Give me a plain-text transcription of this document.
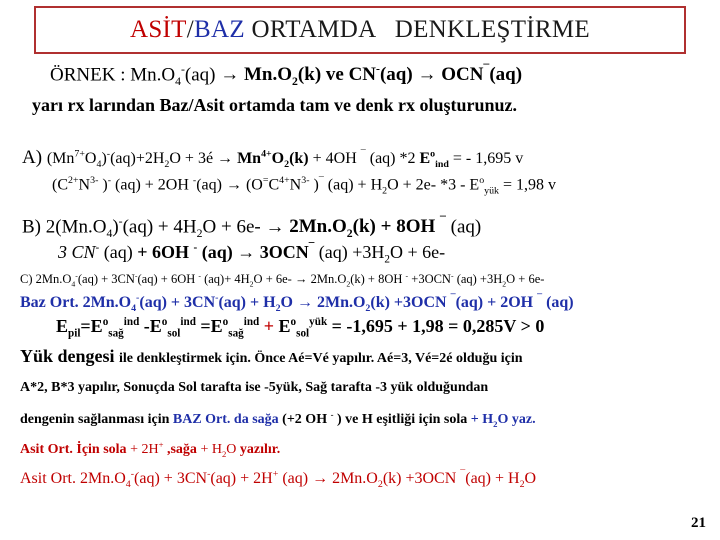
ASİT / BAZ ORTAMDA   DENKLEŞTİRME
ÖRNEK : $Mn.O_4^-(aq) \to Mn.O_2(k)$ ve CN-(aq) → OCN¯(aq)
yarı rx larından Baz/Asit ortamda tam ve denk rx oluşturunuz.
A) $(Mn^{7+}O_4)^-(aq)+2H_2O$ + 3é → $Mn^{4+}O_2(k) + 4OH$ ¯ (aq) *2 $E^o_{ind}$ = - 1,695 v
($C^{2+}N^{3-}$ )- (aq) + 2OH $^-(aq) \to (O^=C^{4+}N^{3-}$ )¯ $(aq) + H_2O + 2e-$ $*3 - E^o_{yük} = 1,98$ v
B) $2(Mn.O_4)^-(aq) + 4H_2O + 6e- \to 2Mn.O_2(k) + 8OH$ ¯ (aq)
3 CN- (aq) + 6OH - (aq) → 3OCN¯ $(aq) +3H_2O + 6e-$
C) $2Mn.O_4^-(aq) + 3CN^-(aq) + 6OH$ - $(aq)+ 4H_2O + 6e- \to 2Mn.O_2(k) + 8OH$ - +3OCN- $(aq) +3H_2O + 6e-$
Baz Ort. $2Mn.O_4^-(aq) + 3CN^-(aq) + H_2O \to 2Mn.O_2(k) +3OCN$ ¯(aq) + 2OH ¯ (aq)
$E_{pil}=E^o_{sağ}^{ind}$ $-E^o_{sol}^{ind} =E^o_{sağ}^{ind} + E^o_{sol}^{yük} = -1,695 + 1,98 = 0,285V > 0$
Yük dengesi ile denkleştirmek için. Önce Aé=Vé yapılır. Aé=3, Vé=2é olduğu için
A*2, B*3 yapılır, Sonuçda Sol tarafta ise -5yük, Sağ tarafta -3 yük olduğundan
dengenin sağlanması için BAZ Ort. da sağa (+2 OH - ) ve H eşitliği için sola + $H_2O$ yaz.
Asit Ort. İçin sola + 2H+ ,sağa + $H_2O$ yazılır.
Asit Ort. $2Mn.O_4^-(aq) + 3CN^-(aq) + 2H^+$ $(aq) \to 2Mn.O_2(k) +3OCN$ $^¯(aq) + H_2O$
21
